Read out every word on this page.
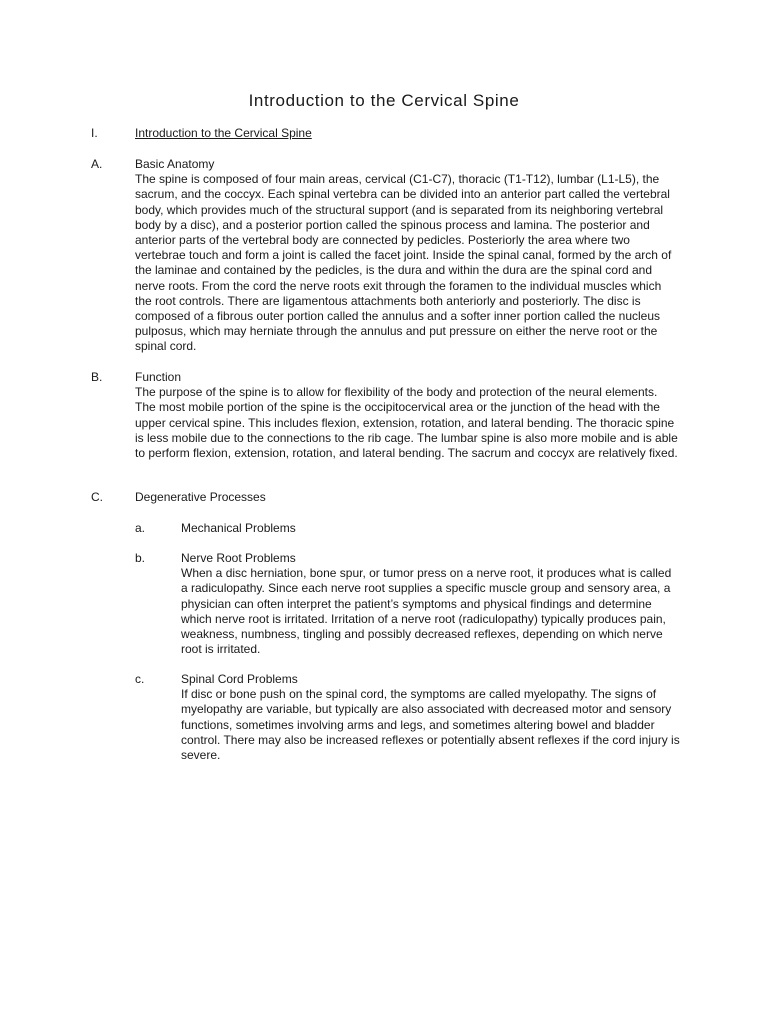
Introduction to the Cervical Spine
I.	Introduction to the Cervical Spine
A.	Basic Anatomy
The spine is composed of four main areas, cervical (C1-C7), thoracic (T1-T12), lumbar (L1-L5), the sacrum, and the coccyx. Each spinal vertebra can be divided into an anterior part called the vertebral body, which provides much of the structural support (and is separated from its neighboring vertebral body by a disc), and a posterior portion called the spinous process and lamina. The posterior and anterior parts of the vertebral body are connected by pedicles. Posteriorly the area where two vertebrae touch and form a joint is called the facet joint. Inside the spinal canal, formed by the arch of the laminae and contained by the pedicles, is the dura and within the dura are the spinal cord and nerve roots. From the cord the nerve roots exit through the foramen to the individual muscles which the root controls. There are ligamentous attachments both anteriorly and posteriorly. The disc is composed of a fibrous outer portion called the annulus and a softer inner portion called the nucleus pulposus, which may herniate through the annulus and put pressure on either the nerve root or the spinal cord.
B.	Function
The purpose of the spine is to allow for flexibility of the body and protection of the neural elements. The most mobile portion of the spine is the occipitocervical area or the junction of the head with the upper cervical spine. This includes flexion, extension, rotation, and lateral bending. The thoracic spine is less mobile due to the connections to the rib cage. The lumbar spine is also more mobile and is able to perform flexion, extension, rotation, and lateral bending. The sacrum and coccyx are relatively fixed.
C.	Degenerative Processes
a.	Mechanical Problems
b.	Nerve Root Problems
When a disc herniation, bone spur, or tumor press on a nerve root, it produces what is called a radiculopathy. Since each nerve root supplies a specific muscle group and sensory area, a physician can often interpret the patient’s symptoms and physical findings and determine which nerve root is irritated. Irritation of a nerve root (radiculopathy) typically produces pain, weakness, numbness, tingling and possibly decreased reflexes, depending on which nerve root is irritated.
c.	Spinal Cord Problems
If disc or bone push on the spinal cord, the symptoms are called myelopathy. The signs of myelopathy are variable, but typically are also associated with decreased motor and sensory functions, sometimes involving arms and legs, and sometimes altering bowel and bladder control. There may also be increased reflexes or potentially absent reflexes if the cord injury is severe.
